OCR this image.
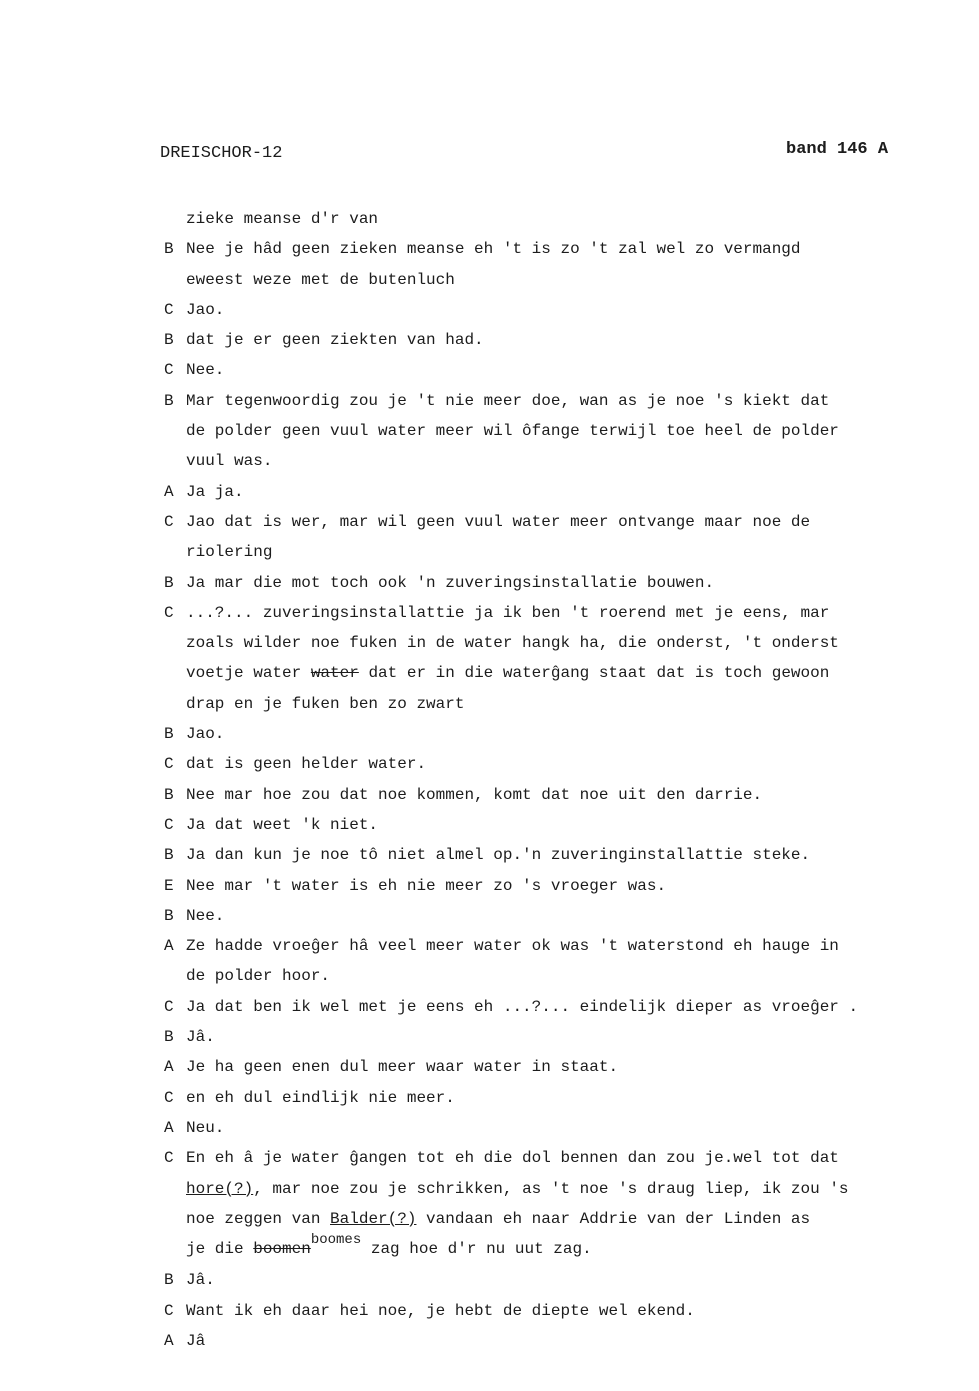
DREISCHOR-12	band 146 A
zieke meanse d'r van
B Nee je hâd geen zieken meanse eh 't is zo 't zal wel zo vermangd
eweest weze met de butenluch
C Jao.
B dat je er geen ziekten van had.
C Nee.
B Mar tegenwoordig zou je 't nie meer doe, wan as je noe 's kiekt dat
de polder geen vuul water meer wil ôfange terwijl toe heel de polder
vuul was.
A Ja ja.
C Jao dat is wer, mar wil geen vuul water meer ontvange maar noe de
riolering
B Ja mar die mot toch ook 'n zuveringsinstallatie bouwen.
C ...?... zuveringsinstallattie ja ik ben 't roerend met je eens, mar
zoals wilder noe fuken in de water hangk ha, die onderst, 't onderst
voetje water water dat er in die waterĝang staat dat is toch gewoon
drap en je fuken ben zo zwart
B Jao.
C dat is geen helder water.
B Nee mar hoe zou dat noe kommen, komt dat noe uit den darrie.
C Ja dat weet 'k niet.
B Ja dan kun je noe tô niet almel op.'n zuveringinstallattie steke.
E Nee mar 't water is eh nie meer zo 's vroeger was.
B Nee.
A Ze hadde vroeĝer hâ veel meer water ok was 't waterstond eh hauge in
de polder hoor.
C Ja dat ben ik wel met je eens eh ...?... eindelijk dieper as vroeĝer .
B Jâ.
A Je ha geen enen dul meer waar water in staat.
C en eh dul eindlijk nie meer.
A Neu.
C En eh â je water ĝangen tot eh die dol bennen dan zou je.wel tot dat
hore(?), mar noe zou je schrikken, as 't noe 's draug liep, ik zou 's
noe zeggen van Balder(?) vandaan eh naar Addrie van der Linden as
je die boomenboomes zag hoe d'r nu uut zag.
B Jâ.
C Want ik eh daar hei noe, je hebt de diepte wel ekend.
A Jâ
